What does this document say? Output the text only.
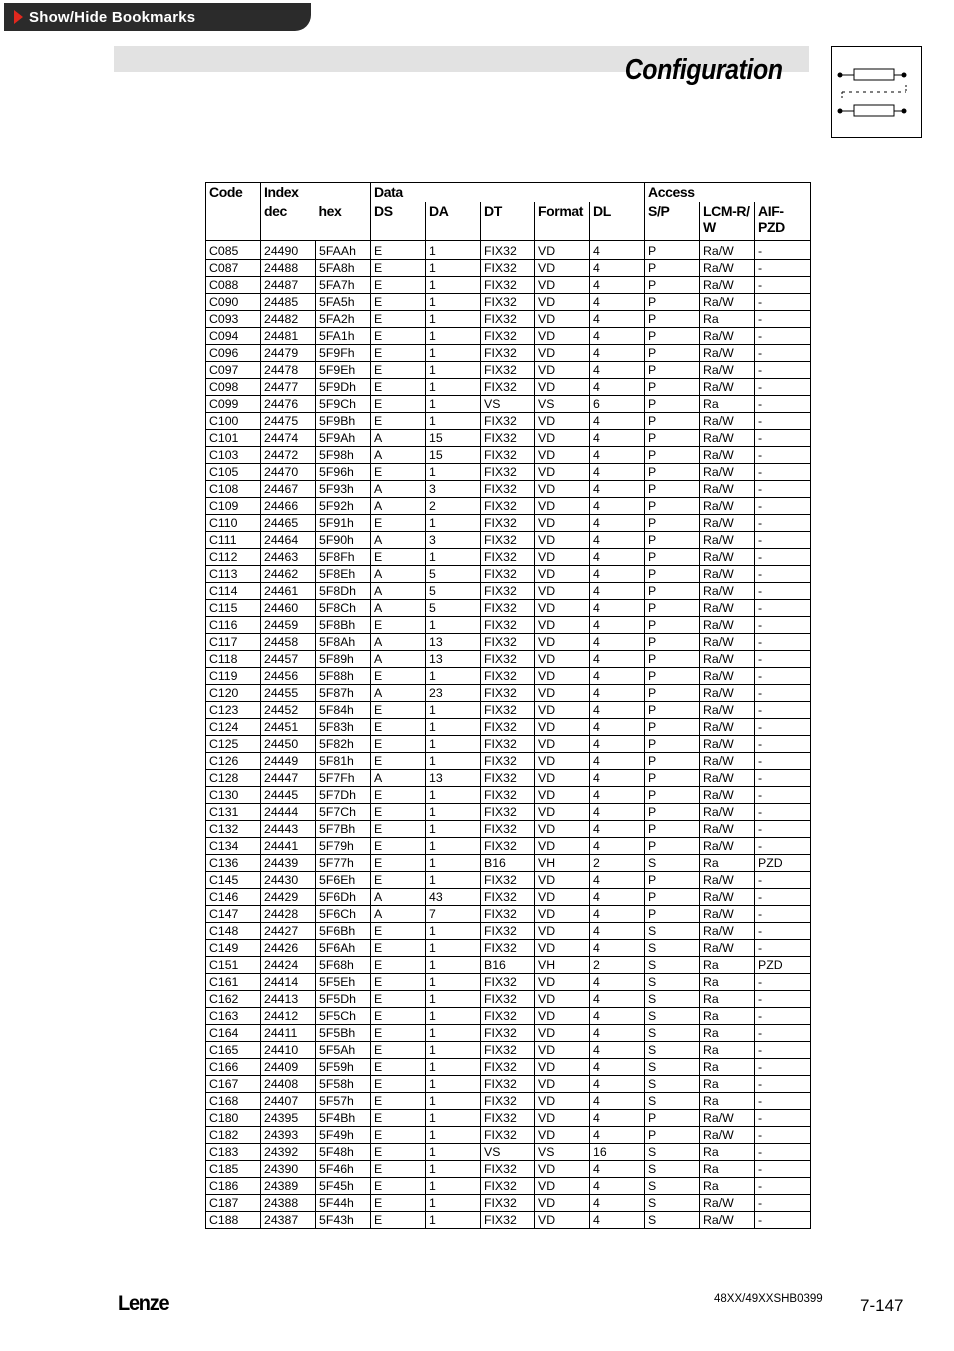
Show/Hide Bookmarks
Configuration
Code	Index		Data					Access		
	dec	hex	DS	DA	DT	Format	DL	S/P	LCM-R/ W	AIF-PZD
C085	24490	5FAAh	E	1	FIX32	VD	4	P	Ra/W	-
C087	24488	5FA8h	E	1	FIX32	VD	4	P	Ra/W	-
C088	24487	5FA7h	E	1	FIX32	VD	4	P	Ra/W	-
C090	24485	5FA5h	E	1	FIX32	VD	4	P	Ra/W	-
C093	24482	5FA2h	E	1	FIX32	VD	4	P	Ra	-
C094	24481	5FA1h	E	1	FIX32	VD	4	P	Ra/W	-
C096	24479	5F9Fh	E	1	FIX32	VD	4	P	Ra/W	-
C097	24478	5F9Eh	E	1	FIX32	VD	4	P	Ra/W	-
C098	24477	5F9Dh	E	1	FIX32	VD	4	P	Ra/W	-
C099	24476	5F9Ch	E	1	VS	VS	6	P	Ra	-
C100	24475	5F9Bh	E	1	FIX32	VD	4	P	Ra/W	-
C101	24474	5F9Ah	A	15	FIX32	VD	4	P	Ra/W	-
C103	24472	5F98h	A	15	FIX32	VD	4	P	Ra/W	-
C105	24470	5F96h	E	1	FIX32	VD	4	P	Ra/W	-
C108	24467	5F93h	A	3	FIX32	VD	4	P	Ra/W	-
C109	24466	5F92h	A	2	FIX32	VD	4	P	Ra/W	-
C110	24465	5F91h	E	1	FIX32	VD	4	P	Ra/W	-
C111	24464	5F90h	A	3	FIX32	VD	4	P	Ra/W	-
C112	24463	5F8Fh	E	1	FIX32	VD	4	P	Ra/W	-
C113	24462	5F8Eh	A	5	FIX32	VD	4	P	Ra/W	-
C114	24461	5F8Dh	A	5	FIX32	VD	4	P	Ra/W	-
C115	24460	5F8Ch	A	5	FIX32	VD	4	P	Ra/W	-
C116	24459	5F8Bh	E	1	FIX32	VD	4	P	Ra/W	-
C117	24458	5F8Ah	A	13	FIX32	VD	4	P	Ra/W	-
C118	24457	5F89h	A	13	FIX32	VD	4	P	Ra/W	-
C119	24456	5F88h	E	1	FIX32	VD	4	P	Ra/W	-
C120	24455	5F87h	A	23	FIX32	VD	4	P	Ra/W	-
C123	24452	5F84h	E	1	FIX32	VD	4	P	Ra/W	-
C124	24451	5F83h	E	1	FIX32	VD	4	P	Ra/W	-
C125	24450	5F82h	E	1	FIX32	VD	4	P	Ra/W	-
C126	24449	5F81h	E	1	FIX32	VD	4	P	Ra/W	-
C128	24447	5F7Fh	A	13	FIX32	VD	4	P	Ra/W	-
C130	24445	5F7Dh	E	1	FIX32	VD	4	P	Ra/W	-
C131	24444	5F7Ch	E	1	FIX32	VD	4	P	Ra/W	-
C132	24443	5F7Bh	E	1	FIX32	VD	4	P	Ra/W	-
C134	24441	5F79h	E	1	FIX32	VD	4	P	Ra/W	-
C136	24439	5F77h	E	1	B16	VH	2	S	Ra	PZD
C145	24430	5F6Eh	E	1	FIX32	VD	4	P	Ra/W	-
C146	24429	5F6Dh	A	43	FIX32	VD	4	P	Ra/W	-
C147	24428	5F6Ch	A	7	FIX32	VD	4	P	Ra/W	-
C148	24427	5F6Bh	E	1	FIX32	VD	4	S	Ra/W	-
C149	24426	5F6Ah	E	1	FIX32	VD	4	S	Ra/W	-
C151	24424	5F68h	E	1	B16	VH	2	S	Ra	PZD
C161	24414	5F5Eh	E	1	FIX32	VD	4	S	Ra	-
C162	24413	5F5Dh	E	1	FIX32	VD	4	S	Ra	-
C163	24412	5F5Ch	E	1	FIX32	VD	4	S	Ra	-
C164	24411	5F5Bh	E	1	FIX32	VD	4	S	Ra	-
C165	24410	5F5Ah	E	1	FIX32	VD	4	S	Ra	-
C166	24409	5F59h	E	1	FIX32	VD	4	S	Ra	-
C167	24408	5F58h	E	1	FIX32	VD	4	S	Ra	-
C168	24407	5F57h	E	1	FIX32	VD	4	S	Ra	-
C180	24395	5F4Bh	E	1	FIX32	VD	4	P	Ra/W	-
C182	24393	5F49h	E	1	FIX32	VD	4	P	Ra/W	-
C183	24392	5F48h	E	1	VS	VS	16	S	Ra	-
C185	24390	5F46h	E	1	FIX32	VD	4	S	Ra	-
C186	24389	5F45h	E	1	FIX32	VD	4	S	Ra	-
C187	24388	5F44h	E	1	FIX32	VD	4	S	Ra/W	-
C188	24387	5F43h	E	1	FIX32	VD	4	S	Ra/W	-
Lenze	48XX/49XXSHB0399 7-147
